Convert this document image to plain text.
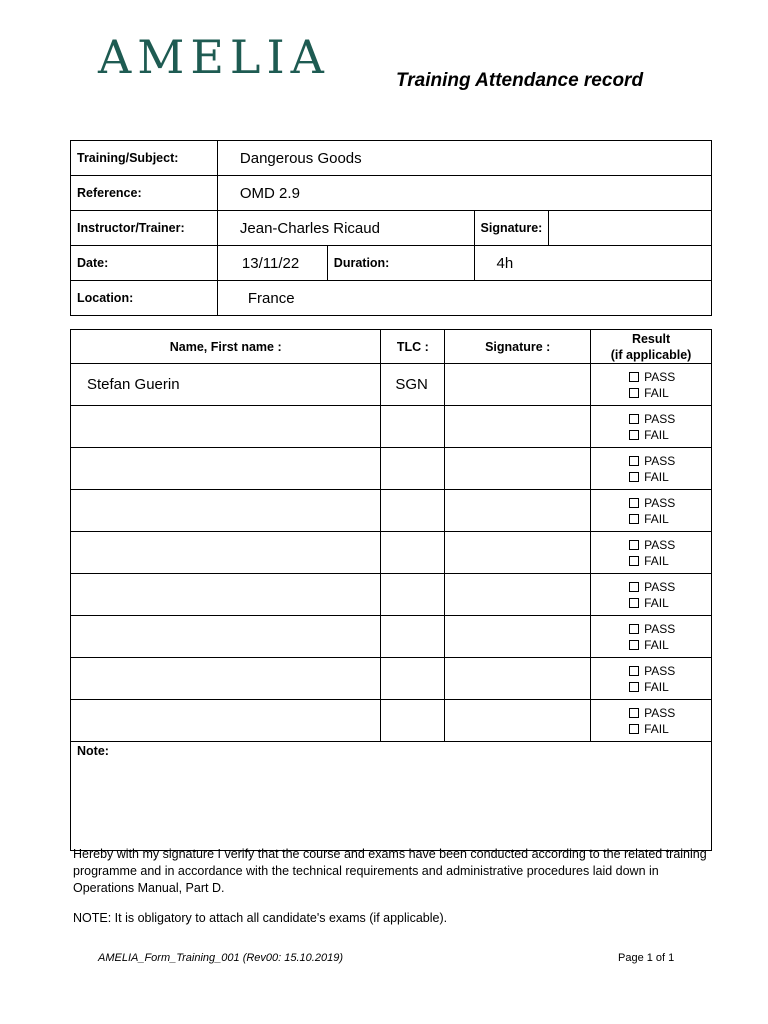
AMELIA	Training Attendance record
Training/Subject:	Dangerous Goods			
Reference:	OMD 2.9			
Instructor/Trainer:	Jean-Charles Ricaud		Signature:	
Date:	13/11/22	Duration:	4h	
Location:	France			
Name, First name :	TLC :	Signature :	Result
(if applicable)

Stefan Guerin	SGN		PASS
FAIL

			PASS
FAIL

			PASS
FAIL

			PASS
FAIL

			PASS
FAIL

			PASS
FAIL

			PASS
FAIL

			PASS
FAIL

			PASS
FAIL

Note:			
Hereby with my signature I verify that the course and exams have been conducted according to the related training programme and in accordance with the technical requirements and administrative procedures laid down in Operations Manual, Part D.
NOTE: It is obligatory to attach all candidate's exams (if applicable).
AMELIA_Form_Training_001 (Rev00: 15.10.2019)	Page 1 of 1
